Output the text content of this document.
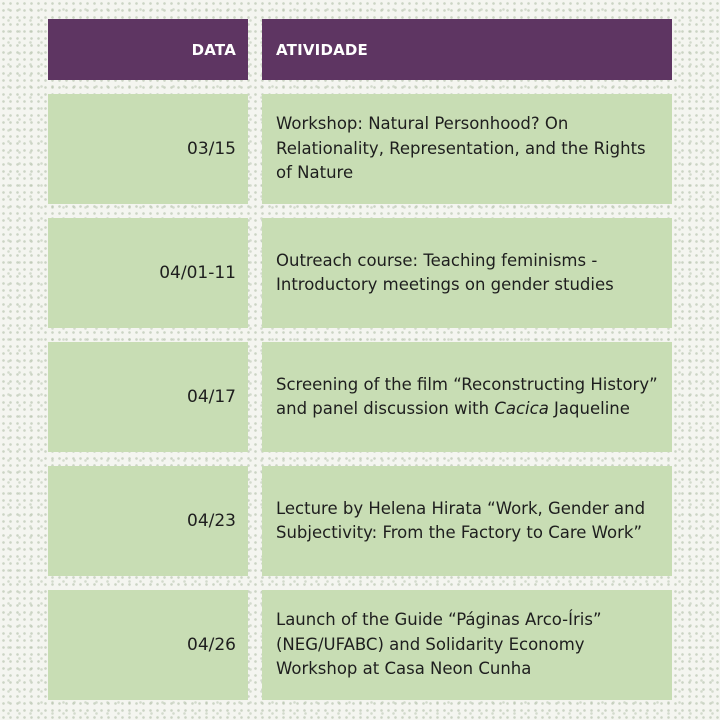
DATA	ATIVIDADE
03/15
Workshop: Natural Personhood? On Relationality, Representation, and the Rights of Nature
04/01-11
Outreach course: Teaching feminisms - Introductory meetings on gender studies
04/17
Screening of the film “Reconstructing History” and panel discussion with Cacica Jaqueline
04/23
Lecture by Helena Hirata “Work, Gender and Subjectivity: From the Factory to Care Work”
04/26
Launch of the Guide “Páginas Arco-Íris” (NEG/UFABC) and Solidarity Economy Workshop at Casa Neon Cunha
